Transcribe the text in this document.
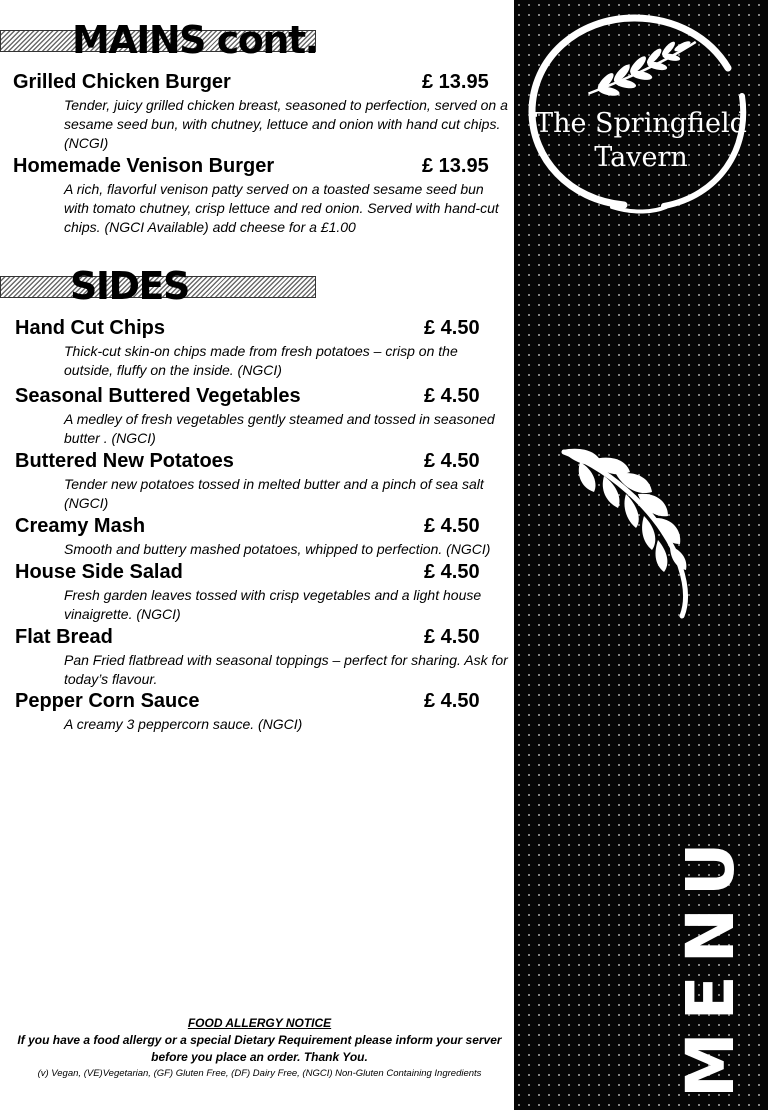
MAINS cont.
Grilled Chicken Burger	£ 13.95
Tender, juicy grilled chicken breast, seasoned to perfection, served on a sesame seed bun, with chutney, lettuce and onion with hand cut chips. (NCGI)
Homemade Venison Burger	£ 13.95
A rich, flavorful venison patty served on a toasted sesame seed bun with tomato chutney, crisp lettuce and red onion. Served with hand-cut chips. (NGCI Available) add cheese for a £1.00
SIDES
Hand Cut Chips	£ 4.50
Thick-cut skin-on chips made from fresh potatoes – crisp on the outside, fluffy on the inside. (NGCI)
Seasonal Buttered Vegetables	£ 4.50
A medley of fresh vegetables gently steamed and tossed in seasoned butter . (NGCI)
Buttered New Potatoes	£ 4.50
Tender new potatoes tossed in melted butter and a pinch of sea salt (NGCI)
Creamy Mash	£ 4.50
Smooth and buttery mashed potatoes, whipped to perfection. (NGCI)
House Side Salad	£ 4.50
Fresh garden leaves tossed with crisp vegetables and a light house vinaigrette. (NGCI)
Flat Bread	£ 4.50
Pan Fried flatbread with seasonal toppings – perfect for sharing. Ask for today’s flavour.
Pepper Corn Sauce	£ 4.50
A creamy 3 peppercorn sauce. (NGCI)
FOOD ALLERGY NOTICE
If you have a food allergy or a special Dietary Requirement please inform your server before you place an order. Thank You.
(v) Vegan, (VE)Vegetarian, (GF) Gluten Free, (DF) Dairy Free, (NGCI) Non-Gluten Containing Ingredients
The Springfield
Tavern
MENU
